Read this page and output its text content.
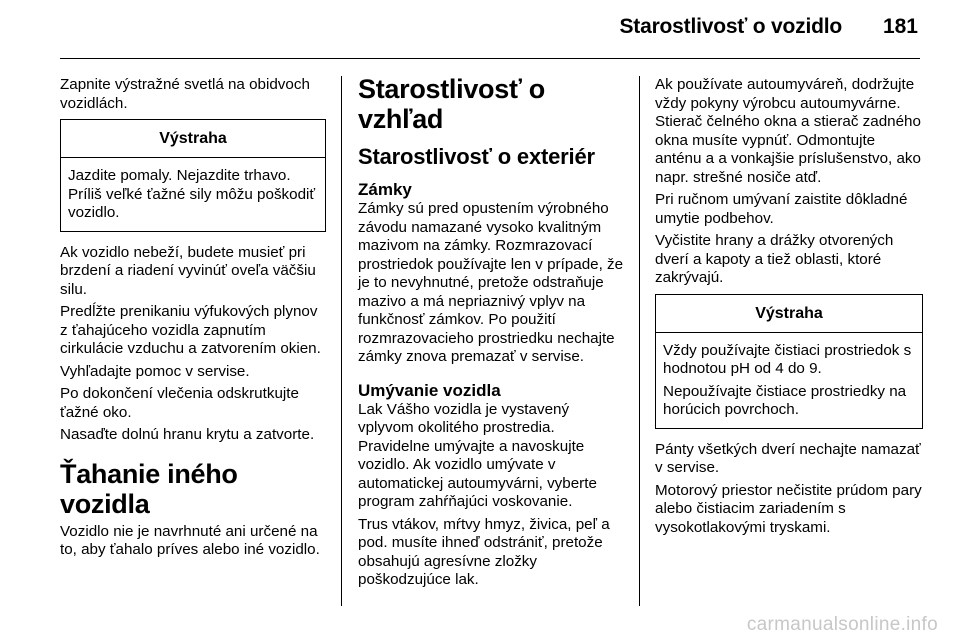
Starostlivosť o vozidlo 181

Zapnite výstražné svetlá na obidvoch vozidlách.

Výstraha

Jazdite pomaly. Nejazdite trhavo. Príliš veľké ťažné sily môžu poškodiť vozidlo.

Ak vozidlo nebeží, budete musieť pri brzdení a riadení vyvinúť oveľa väčšiu silu.

Predĺžte prenikaniu výfukových plynov z ťahajúceho vozidla zapnutím cirkulácie vzduchu a zatvorením okien.

Vyhľadajte pomoc v servise.

Po dokončení vlečenia odskrutkujte ťažné oko.

Nasaďte dolnú hranu krytu a zatvorte.

Ťahanie iného vozidla

Vozidlo nie je navrhnuté ani určené na to, aby ťahalo príves alebo iné vozidlo.

Starostlivosť o vzhľad
Starostlivosť o exteriér
Zámky

Zámky sú pred opustením výrobného závodu namazané vysoko kvalitným mazivom na zámky. Rozmrazovací prostriedok používajte len v prípade, že je to nevyhnutné, pretože odstraňuje mazivo a má nepriaznivý vplyv na funkčnosť zámkov. Po použití rozmrazovacieho prostriedku nechajte zámky znova premazať v servise.

Umývanie vozidla

Lak Vášho vozidla je vystavený vplyvom okolitého prostredia. Pravidelne umývajte a navoskujte vozidlo. Ak vozidlo umývate v automatickej autoumyvárni, vyberte program zahŕňajúci voskovanie.

Trus vtákov, mŕtvy hmyz, živica, peľ a pod. musíte ihneď odstrániť, pretože obsahujú agresívne zložky poškodzujúce lak.

Ak používate autoumyváreň, dodržujte vždy pokyny výrobcu autoumyvárne. Stierač čelného okna a stierač zadného okna musíte vypnúť. Odmontujte anténu a a vonkajšie príslušenstvo, ako napr. strešné nosiče atď.

Pri ručnom umývaní zaistite dôkladné umytie podbehov.

Vyčistite hrany a drážky otvorených dverí a kapoty a tiež oblasti, ktoré zakrývajú.

Výstraha

Vždy používajte čistiaci prostriedok s hodnotou pH od 4 do 9.

Nepoužívajte čistiace prostriedky na horúcich povrchoch.

Pánty všetkých dverí nechajte namazať v servise.

Motorový priestor nečistite prúdom pary alebo čistiacim zariadením s vysokotlakovými tryskami.

carmanualsonline.info
